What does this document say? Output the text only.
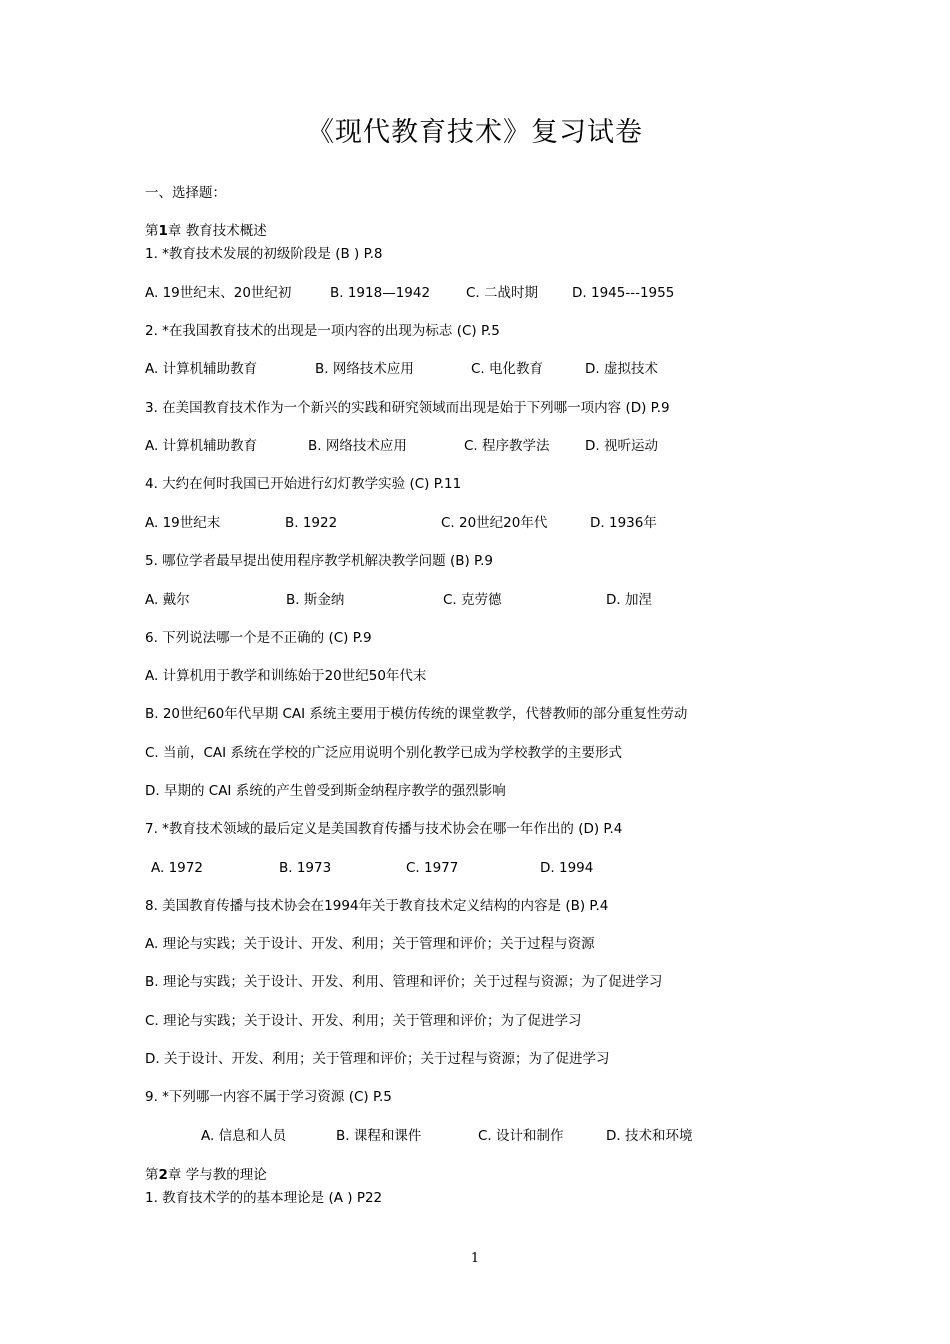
《现代教育技术》复习试卷
一、选择题：
第1章 教育技术概述
1. *教育技术发展的初级阶段是 (B ) P.8
A. 19世纪末、20世纪初	B. 1918—1942	C. 二战时期	D. 1945---1955
2. *在我国教育技术的出现是一项内容的出现为标志 (C) P.5
A. 计算机辅助教育	B. 网络技术应用	C. 电化教育	D. 虚拟技术
3. 在美国教育技术作为一个新兴的实践和研究领域而出现是始于下列哪一项内容 (D) P.9
A. 计算机辅助教育	B. 网络技术应用	C. 程序教学法	D. 视听运动
4. 大约在何时我国已开始进行幻灯教学实验 (C) P.11
A. 19世纪末	B. 1922	C. 20世纪20年代	D. 1936年
5. 哪位学者最早提出使用程序教学机解决教学问题 (B) P.9
A. 戴尔	B. 斯金纳	C. 克劳德	D. 加涅
6. 下列说法哪一个是不正确的 (C) P.9
A. 计算机用于教学和训练始于20世纪50年代末
B. 20世纪60年代早期 CAI 系统主要用于模仿传统的课堂教学，代替教师的部分重复性劳动
C. 当前，CAI 系统在学校的广泛应用说明个别化教学已成为学校教学的主要形式
D. 早期的 CAI 系统的产生曾受到斯金纳程序教学的强烈影响
7. *教育技术领域的最后定义是美国教育传播与技术协会在哪一年作出的 (D) P.4
A. 1972	B. 1973	C. 1977	D. 1994
8. 美国教育传播与技术协会在1994年关于教育技术定义结构的内容是 (B) P.4
A. 理论与实践；关于设计、开发、利用；关于管理和评价；关于过程与资源
B. 理论与实践；关于设计、开发、利用、管理和评价；关于过程与资源；为了促进学习
C. 理论与实践；关于设计、开发、利用；关于管理和评价；为了促进学习
D. 关于设计、开发、利用；关于管理和评价；关于过程与资源；为了促进学习
9. *下列哪一内容不属于学习资源 (C) P.5
A. 信息和人员	B. 课程和课件	C. 设计和制作	D. 技术和环境
第2章 学与教的理论
1. 教育技术学的的基本理论是 (A ) P22
1
